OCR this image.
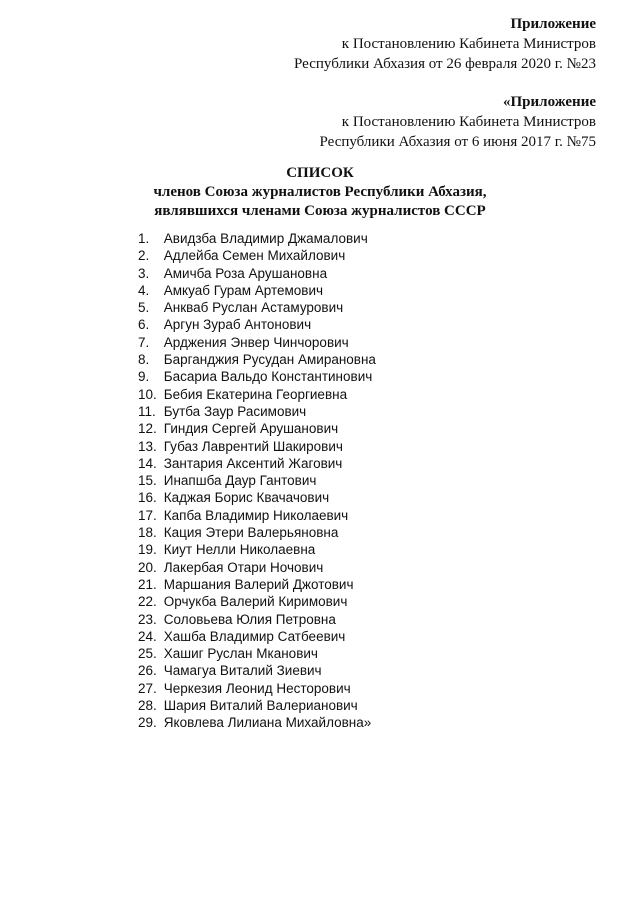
Приложение
к Постановлению Кабинета Министров
Республики Абхазия от 26 февраля 2020 г. №23
«Приложение
к Постановлению Кабинета Министров
Республики Абхазия от 6 июня 2017 г. №75
СПИСОК
членов Союза журналистов Республики Абхазия,
являвшихся членами Союза журналистов СССР
1. Авидзба Владимир Джамалович
2. Адлейба Семен Михайлович
3. Амичба Роза Арушановна
4. Амкуаб Гурам Артемович
5. Анкваб Руслан Астамурович
6. Аргун Зураб Антонович
7. Арджения Энвер Чинчорович
8. Барганджия Русудан Амирановна
9. Басариа Вальдо Константинович
10. Бебия Екатерина Георгиевна
11. Бутба Заур Расимович
12. Гиндия Сергей Арушанович
13. Губаз Лаврентий Шакирович
14. Зантария Аксентий Жагович
15. Инапшба Даур Гантович
16. Каджая Борис Квачачович
17. Капба Владимир Николаевич
18. Кация Этери Валерьяновна
19. Киут Нелли Николаевна
20. Лакербая Отари Ночович
21. Маршания Валерий Джотович
22. Орчукба Валерий Киримович
23. Соловьева Юлия Петровна
24. Хашба Владимир Сатбеевич
25. Хашиг Руслан Мканович
26. Чамагуа Виталий Зиевич
27. Черкезия Леонид Несторович
28. Шария Виталий Валерианович
29. Яковлева Лилиана Михайловна»
